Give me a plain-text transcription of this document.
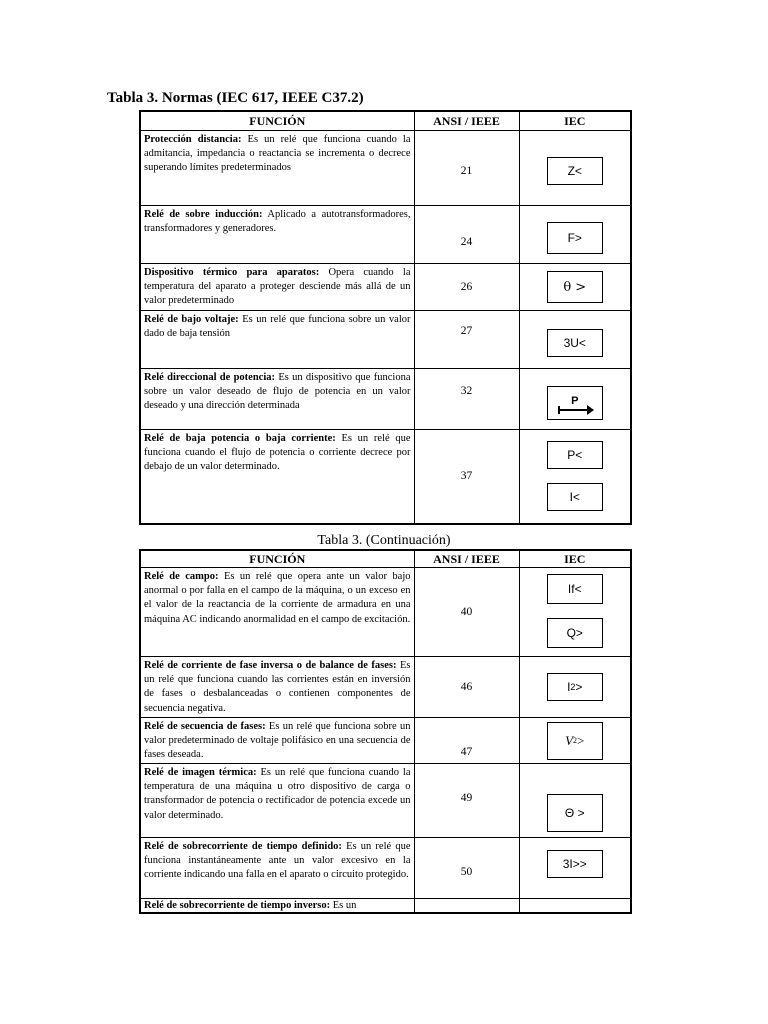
Tabla 3. Normas (IEC 617, IEEE C37.2)
FUNCIÓN	ANSI / IEEE	IEC
Protección distancia: Es un relé que funciona cuando la admitancia, impedancia o reactancia se incrementa o decrece superando límites predeterminados	21	Z<

Relé de sobre inducción: Aplicado a autotransformadores, transformadores y generadores.	24	F>

Dispositivo térmico para aparatos: Opera cuando la temperatura del aparato a proteger desciende más allá de un valor predeterminado	26	θ >

Relé de bajo voltaje: Es un relé que funciona sobre un valor dado de baja tensión	27	3U<

Relé direccional de potencia: Es un dispositivo que funciona sobre un valor deseado de flujo de potencia en un valor deseado y una dirección determinada	32	P

Relé de baja potencia o baja corriente: Es un relé que funciona cuando el flujo de potencia o corriente decrece por debajo de un valor determinado.	37	P<
I<
Tabla 3. (Continuación)
FUNCIÓN	ANSI / IEEE	IEC
Relé de campo: Es un relé que opera ante un valor bajo anormal o por falla en el campo de la máquina, o un exceso en el valor de la reactancia de la corriente de armadura en una máquina AC indicando anormalidad en el campo de excitación.	40	If<
Q>

Relé de corriente de fase inversa o de balance de fases: Es un relé que funciona cuando las corrientes están en inversión de fases o desbalanceadas o contienen componentes de secuencia negativa.	46	I 2 >

Relé de secuencia de fases: Es un relé que funciona sobre un valor predeterminado de voltaje polifásico en una secuencia de fases deseada.	47	V 2 >

Relé de imagen térmica: Es un relé que funciona cuando la temperatura de una máquina u otro dispositivo de carga o transformador de potencia o rectificador de potencia excede un valor determinado.	49	Θ >

Relé de sobrecorriente de tiempo definido: Es un relé que funciona instantáneamente ante un valor excesivo en la corriente indicando una falla en el aparato o circuito protegido.	50	3I>>

Relé de sobrecorriente de tiempo inverso: Es un		
